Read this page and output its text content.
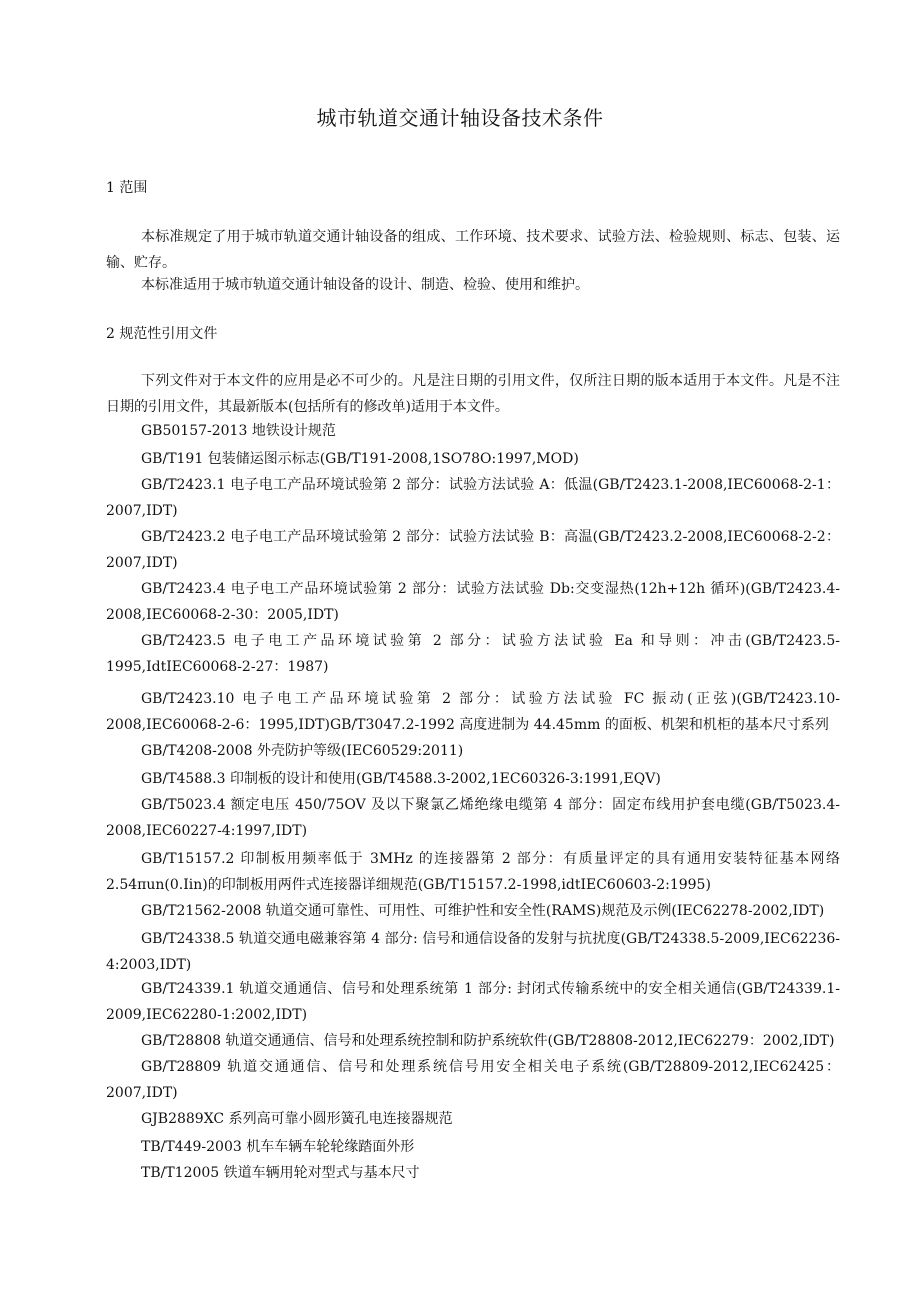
城市轨道交通计轴设备技术条件
1 范围

本标准规定了用于城市轨道交通计轴设备的组成、工作环境、技术要求、试验方法、检验规则、标志、包装、运输、贮存。

本标准适用于城市轨道交通计轴设备的设计、制造、检验、使用和维护。

2 规范性引用文件

下列文件对于本文件的应用是必不可少的。凡是注日期的引用文件，仅所注日期的版本适用于本文件。凡是不注日期的引用文件，其最新版本(包括所有的修改单)适用于本文件。

GB50157-2013 地铁设计规范

GB/T191 包装储运图示标志(GB/T191-2008,1SO78O:1997,MOD)

GB/T2423.1 电子电工产品环境试验第 2 部分：试验方法试验 A：低温(GB/T2423.1-2008,IEC60068-2-1：2007,IDT)

GB/T2423.2 电子电工产品环境试验第 2 部分：试验方法试验 B：高温(GB/T2423.2-2008,IEC60068-2-2：2007,IDT)

GB/T2423.4 电子电工产品环境试验第 2 部分：试验方法试验 Db:交变湿热(12h+12h 循环)(GB/T2423.4-2008,IEC60068-2-30：2005,IDT)

GB/T2423.5 电子电工产品环境试验第 2 部分：试验方法试验 Ea 和导则：冲击(GB/T2423.5-1995,IdtIEC60068-2-27：1987)

GB/T2423.10 电子电工产品环境试验第 2 部分：试验方法试验 FC 振动(正弦)(GB/T2423.10-2008,IEC60068-2-6：1995,IDT)GB/T3047.2-1992 高度进制为 44.45mm 的面板、机架和机柜的基本尺寸系列

GB/T4208-2008 外壳防护等级(IEC60529:2011)

GB/T4588.3 印制板的设计和使用(GB/T4588.3-2002,1EC60326-3:1991,EQV)

GB/T5023.4 额定电压 450/75OV 及以下聚氯乙烯绝缘电缆第 4 部分：固定布线用护套电缆(GB/T5023.4-2008,IEC60227-4:1997,IDT)

GB/T15157.2 印制板用频率低于 3MHz 的连接器第 2 部分：有质量评定的具有通用安装特征基本网络 2.54πun(0.Iin)的印制板用两件式连接器详细规范(GB/T15157.2-1998,idtIEC60603-2:1995)

GB/T21562-2008 轨道交通可靠性、可用性、可维护性和安全性(RAMS)规范及示例(IEC62278-2002,IDT)

GB/T24338.5 轨道交通电磁兼容第 4 部分: 信号和通信设备的发射与抗扰度(GB/T24338.5-2009,IEC62236-4:2003,IDT)

GB/T24339.1 轨道交通通信、信号和处理系统第 1 部分: 封闭式传输系统中的安全相关通信(GB/T24339.1-2009,IEC62280-1:2002,IDT)

GB/T28808 轨道交通通信、信号和处理系统控制和防护系统软件(GB/T28808-2012,IEC62279：2002,IDT)

GB/T28809 轨道交通通信、信号和处理系统信号用安全相关电子系统(GB/T28809-2012,IEC62425：2007,IDT)

GJB2889XC 系列高可靠小圆形簧孔电连接器规范

TB/T449-2003 机车车辆车轮轮缘踏面外形

TB/T12005 铁道车辆用轮对型式与基本尺寸
